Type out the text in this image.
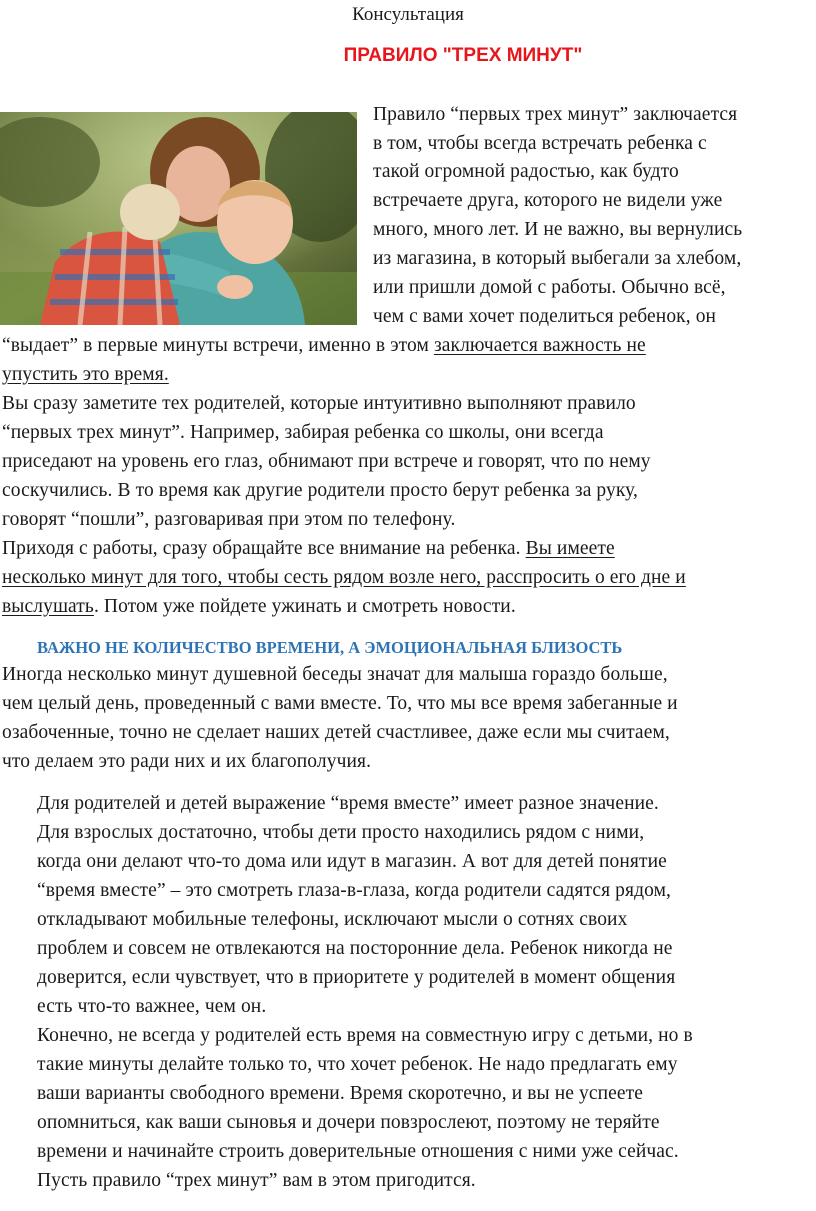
Консультация
ПРАВИЛО "ТРЕХ МИНУТ"
Правило “первых трех минут” заключается
в том, чтобы всегда встречать ребенка с
такой огромной радостью, как будто
встречаете друга, которого не видели уже
много, много лет. И не важно, вы вернулись
из магазина, в который выбегали за хлебом,
или пришли домой с работы. Обычно всё,
чем с вами хочет поделиться ребенок, он
“выдает” в первые минуты встречи, именно в этом заключается важность не
упустить это время.
Вы сразу заметите тех родителей, которые интуитивно выполняют правило
“первых трех минут”. Например, забирая ребенка со школы, они всегда
приседают на уровень его глаз, обнимают при встрече и говорят, что по нему
соскучились. В то время как другие родители просто берут ребенка за руку,
говорят “пошли”, разговаривая при этом по телефону.
Приходя с работы, сразу обращайте все внимание на ребенка. Вы имеете
несколько минут для того, чтобы сесть рядом возле него, расспросить о его дне и
выслушать. Потом уже пойдете ужинать и смотреть новости.
ВАЖНО НЕ КОЛИЧЕСТВО ВРЕМЕНИ, А ЭМОЦИОНАЛЬНАЯ БЛИЗОСТЬ
Иногда несколько минут душевной беседы значат для малыша гораздо больше,
чем целый день, проведенный с вами вместе. То, что мы все время забеганные и
озабоченные, точно не сделает наших детей счастливее, даже если мы считаем,
что делаем это ради них и их благополучия.
Для родителей и детей выражение “время вместе” имеет разное значение.
Для взрослых достаточно, чтобы дети просто находились рядом с ними,
когда они делают что-то дома или идут в магазин. А вот для детей понятие
“время вместе” – это смотреть глаза-в-глаза, когда родители садятся рядом,
откладывают мобильные телефоны, исключают мысли о сотнях своих
проблем и совсем не отвлекаются на посторонние дела. Ребенок никогда не
доверится, если чувствует, что в приоритете у родителей в момент общения
есть что-то важнее, чем он.
Конечно, не всегда у родителей есть время на совместную игру с детьми, но в
такие минуты делайте только то, что хочет ребенок. Не надо предлагать ему
ваши варианты свободного времени. Время скоротечно, и вы не успеете
опомниться, как ваши сыновья и дочери повзрослеют, поэтому не теряйте
времени и начинайте строить доверительные отношения с ними уже сейчас.
Пусть правило “трех минут” вам в этом пригодится.
